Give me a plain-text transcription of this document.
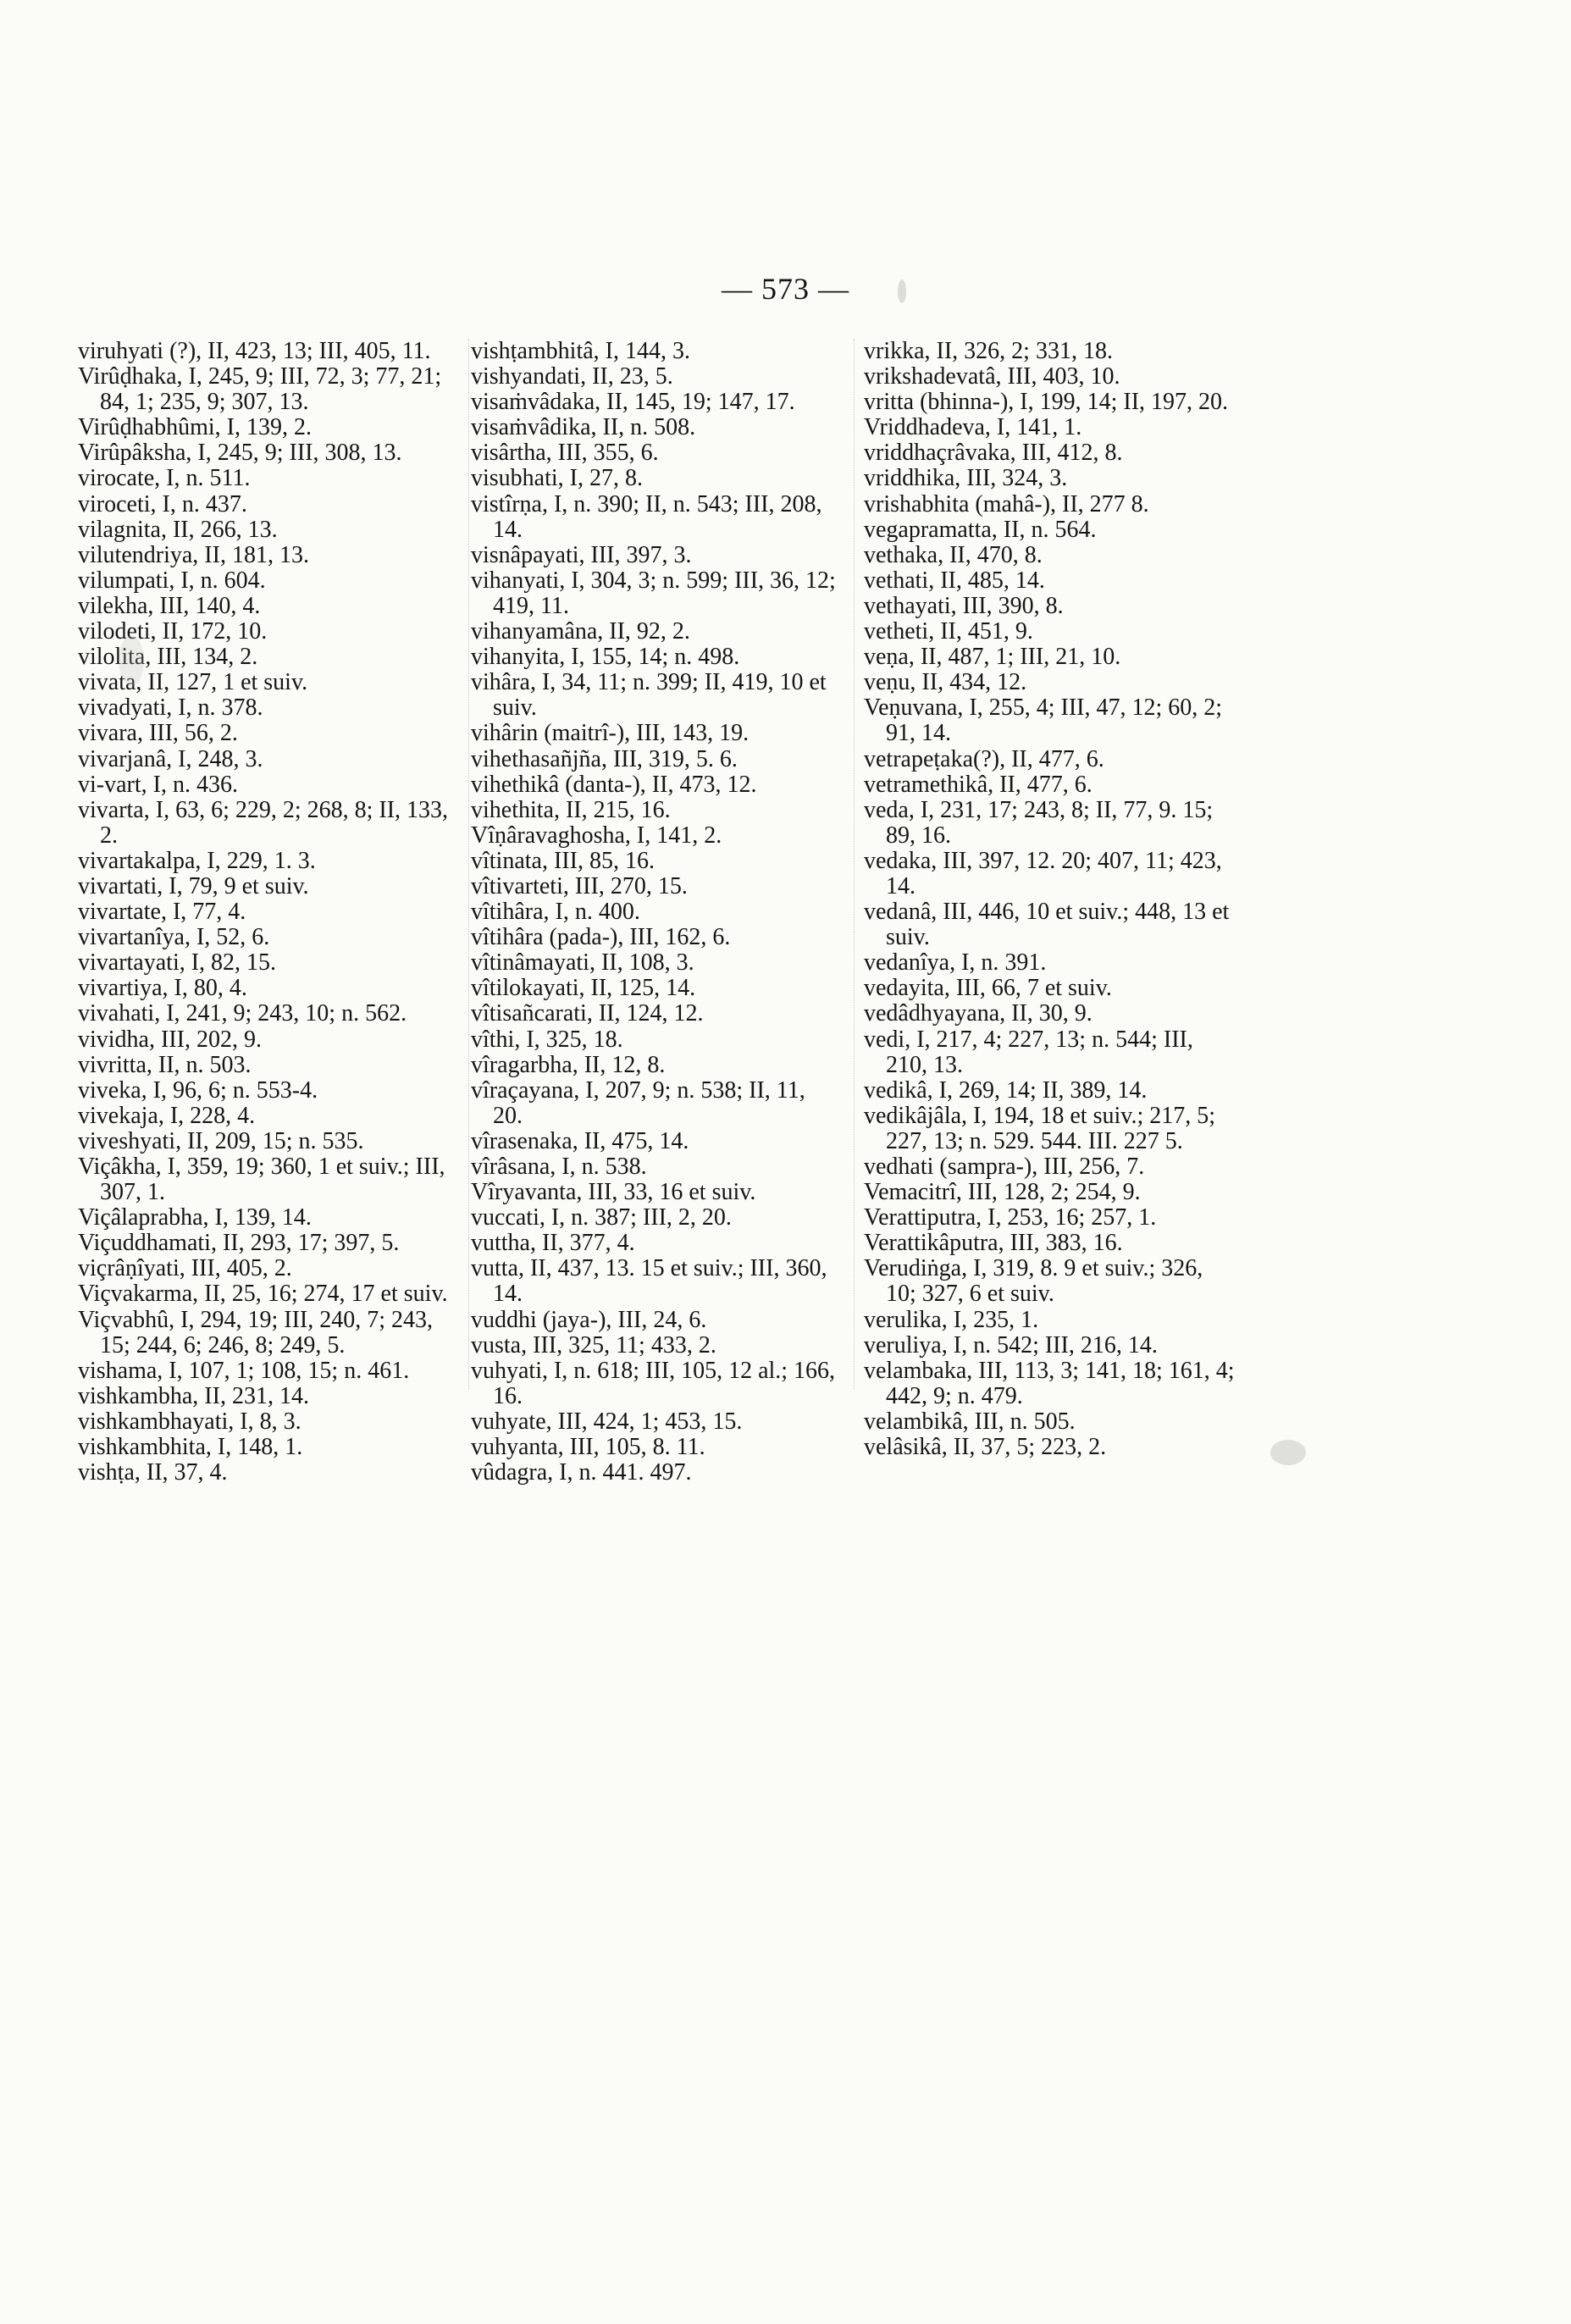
— 573 —
viruhyati (?), II, 423, 13; III, 405, 11.
Virûḍhaka, I, 245, 9; III, 72, 3; 77, 21; 84, 1; 235, 9; 307, 13.
Virûḍhabhûmi, I, 139, 2.
Virûpâksha, I, 245, 9; III, 308, 13.
virocate, I, n. 511.
viroceti, I, n. 437.
vilagnita, II, 266, 13.
vilutendriya, II, 181, 13.
vilumpati, I, n. 604.
vilekha, III, 140, 4.
vilodeti, II, 172, 10.
vilolita, III, 134, 2.
vivata, II, 127, 1 et suiv.
vivadyati, I, n. 378.
vivara, III, 56, 2.
vivarjanâ, I, 248, 3.
vi-vart, I, n. 436.
vivarta, I, 63, 6; 229, 2; 268, 8; II, 133, 2.
vivartakalpa, I, 229, 1. 3.
vivartati, I, 79, 9 et suiv.
vivartate, I, 77, 4.
vivartanîya, I, 52, 6.
vivartayati, I, 82, 15.
vivartiya, I, 80, 4.
vivahati, I, 241, 9; 243, 10; n. 562.
vividha, III, 202, 9.
vivritta, II, n. 503.
viveka, I, 96, 6; n. 553-4.
vivekaja, I, 228, 4.
viveshyati, II, 209, 15; n. 535.
Viçâkha, I, 359, 19; 360, 1 et suiv.; III, 307, 1.
Viçâlaprabha, I, 139, 14.
Viçuddhamati, II, 293, 17; 397, 5.
viçrâṇîyati, III, 405, 2.
Viçvakarma, II, 25, 16; 274, 17 et suiv.
Viçvabhû, I, 294, 19; III, 240, 7; 243, 15; 244, 6; 246, 8; 249, 5.
vishama, I, 107, 1; 108, 15; n. 461.
vishkambha, II, 231, 14.
vishkambhayati, I, 8, 3.
vishkambhita, I, 148, 1.
vishṭa, II, 37, 4.
vishṭambhitâ, I, 144, 3.
vishyandati, II, 23, 5.
visaṁvâdaka, II, 145, 19; 147, 17.
visaṁvâdika, II, n. 508.
visârtha, III, 355, 6.
visubhati, I, 27, 8.
vistîrṇa, I, n. 390; II, n. 543; III, 208, 14.
visnâpayati, III, 397, 3.
vihanyati, I, 304, 3; n. 599; III, 36, 12; 419, 11.
vihanyamâna, II, 92, 2.
vihanyita, I, 155, 14; n. 498.
vihâra, I, 34, 11; n. 399; II, 419, 10 et suiv.
vihârin (maitrî-), III, 143, 19.
vihethasañjña, III, 319, 5. 6.
vihethikâ (danta-), II, 473, 12.
vihethita, II, 215, 16.
Vîṇâravaghosha, I, 141, 2.
vîtinata, III, 85, 16.
vîtivarteti, III, 270, 15.
vîtihâra, I, n. 400.
vîtihâra (pada-), III, 162, 6.
vîtinâmayati, II, 108, 3.
vîtilokayati, II, 125, 14.
vîtisañcarati, II, 124, 12.
vîthi, I, 325, 18.
vîragarbha, II, 12, 8.
vîraçayana, I, 207, 9; n. 538; II, 11, 20.
vîrasenaka, II, 475, 14.
vîrâsana, I, n. 538.
Vîryavanta, III, 33, 16 et suiv.
vuccati, I, n. 387; III, 2, 20.
vuttha, II, 377, 4.
vutta, II, 437, 13. 15 et suiv.; III, 360, 14.
vuddhi (jaya-), III, 24, 6.
vusta, III, 325, 11; 433, 2.
vuhyati, I, n. 618; III, 105, 12 al.; 166, 16.
vuhyate, III, 424, 1; 453, 15.
vuhyanta, III, 105, 8. 11.
vûdagra, I, n. 441. 497.
vrikka, II, 326, 2; 331, 18.
vrikshadevatâ, III, 403, 10.
vritta (bhinna-), I, 199, 14; II, 197, 20.
Vriddhadeva, I, 141, 1.
vriddhaçrâvaka, III, 412, 8.
vriddhika, III, 324, 3.
vrishabhita (mahâ-), II, 277 8.
vegapramatta, II, n. 564.
vethaka, II, 470, 8.
vethati, II, 485, 14.
vethayati, III, 390, 8.
vetheti, II, 451, 9.
veṇa, II, 487, 1; III, 21, 10.
veṇu, II, 434, 12.
Veṇuvana, I, 255, 4; III, 47, 12; 60, 2; 91, 14.
vetrapeṭaka(?), II, 477, 6.
vetramethikâ, II, 477, 6.
veda, I, 231, 17; 243, 8; II, 77, 9. 15; 89, 16.
vedaka, III, 397, 12. 20; 407, 11; 423, 14.
vedanâ, III, 446, 10 et suiv.; 448, 13 et suiv.
vedanîya, I, n. 391.
vedayita, III, 66, 7 et suiv.
vedâdhyayana, II, 30, 9.
vedi, I, 217, 4; 227, 13; n. 544; III, 210, 13.
vedikâ, I, 269, 14; II, 389, 14.
vedikâjâla, I, 194, 18 et suiv.; 217, 5; 227, 13; n. 529. 544. III. 227 5.
vedhati (sampra-), III, 256, 7.
Vemacitrî, III, 128, 2; 254, 9.
Verattiputra, I, 253, 16; 257, 1.
Verattikâputra, III, 383, 16.
Verudiṅga, I, 319, 8. 9 et suiv.; 326, 10; 327, 6 et suiv.
verulika, I, 235, 1.
veruliya, I, n. 542; III, 216, 14.
velambaka, III, 113, 3; 141, 18; 161, 4; 442, 9; n. 479.
velambikâ, III, n. 505.
velâsikâ, II, 37, 5; 223, 2.
